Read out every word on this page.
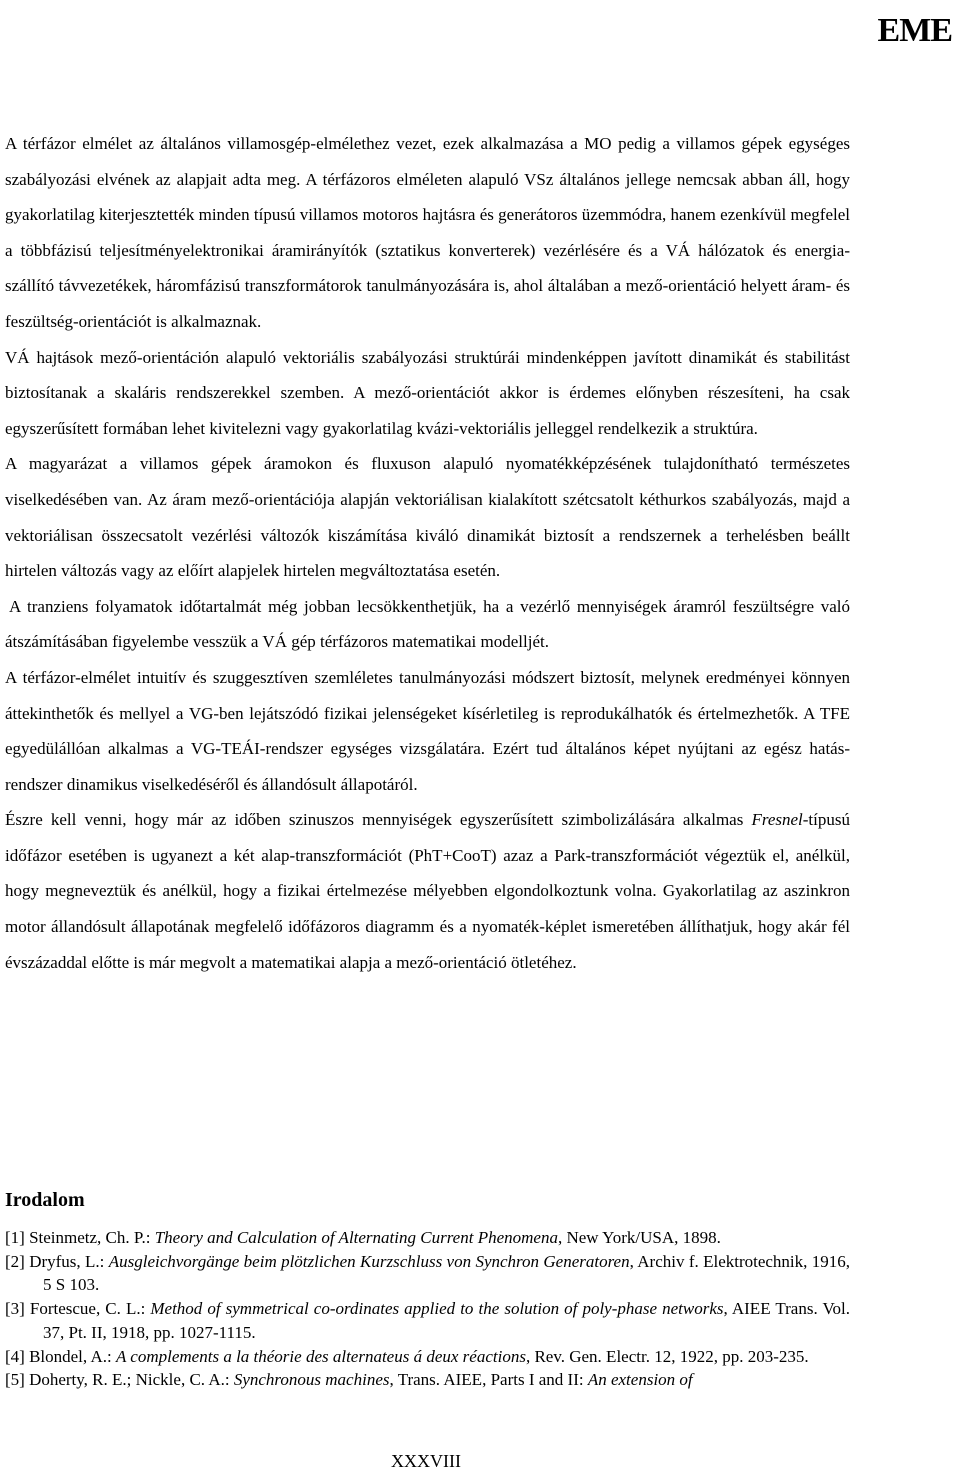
EME

A térfázor elmélet az általános villamosgép-elmélethez vezet, ezek alkalmazása a MO pedig a villamos gépek egységes szabályozási elvének az alapjait adta meg. A térfázoros elméleten alapuló VSz általános jellege nemcsak abban áll, hogy gyakorlatilag kiterjesztették minden típusú villamos motoros hajtásra és generátoros üzemmódra, hanem ezenkívül megfelel a többfázisú teljesítményelektronikai áramirányítók (sztatikus konverterek) vezérlésére és a VÁ hálózatok és energia-szállító távvezetékek, háromfázisú transzformátorok tanulmányozására is, ahol általában a mező-orientáció helyett áram- és feszültség-orientációt is alkalmaznak.

VÁ hajtások mező-orientáción alapuló vektoriális szabályozási struktúrái mindenképpen javított dinamikát és stabilitást biztosítanak a skaláris rendszerekkel szemben. A mező-orientációt akkor is érdemes előnyben részesíteni, ha csak egyszerűsített formában lehet kivitelezni vagy gyakorlatilag kvázi-vektoriális jelleggel rendelkezik a struktúra.

A magyarázat a villamos gépek áramokon és fluxuson alapuló nyomatékképzésének tulajdonítható természetes viselkedésében van. Az áram mező-orientációja alapján vektoriálisan kialakított szétcsatolt kéthurkos szabályozás, majd a vektoriálisan összecsatolt vezérlési változók kiszámítása kiváló dinamikát biztosít a rendszernek a terhelésben beállt hirtelen változás vagy az előírt alapjelek hirtelen megváltoztatása esetén.

A tranziens folyamatok időtartalmát még jobban lecsökkenthetjük, ha a vezérlő mennyiségek áramról feszültségre való átszámításában figyelembe vesszük a VÁ gép térfázoros matematikai modelljét.

A térfázor-elmélet intuitív és szuggesztíven szemléletes tanulmányozási módszert biztosít, melynek eredményei könnyen áttekinthetők és mellyel a VG-ben lejátszódó fizikai jelenségeket kísérletileg is reprodukálhatók és értelmezhetők. A TFE egyedülállóan alkalmas a VG-TEÁI-rendszer egységes vizsgálatára. Ezért tud általános képet nyújtani az egész hatás-rendszer dinamikus viselkedéséről és állandósult állapotáról.

Észre kell venni, hogy már az időben szinuszos mennyiségek egyszerűsített szimbolizálására alkalmas Fresnel-típusú időfázor esetében is ugyanezt a két alap-transzformációt (PhT+CooT) azaz a Park-transzformációt végeztük el, anélkül, hogy megneveztük és anélkül, hogy a fizikai értelmezése mélyebben elgondolkoztunk volna. Gyakorlatilag az aszinkron motor állandósult állapotának megfelelő időfázoros diagramm és a nyomaték-képlet ismeretében állíthatjuk, hogy akár fél évszázaddal előtte is már megvolt a matematikai alapja a mező-orientáció ötletéhez.

Irodalom
[1] Steinmetz, Ch. P.: Theory and Calculation of Alternating Current Phenomena, New York/USA, 1898.
[2] Dryfus, L.: Ausgleichvorgänge beim plötzlichen Kurzschluss von Synchron Generatoren, Archiv f. Elektrotechnik, 1916, 5 S 103.
[3] Fortescue, C. L.: Method of symmetrical co-ordinates applied to the solution of poly-phase networks, AIEE Trans. Vol. 37, Pt. II, 1918, pp. 1027-1115.
[4] Blondel, A.: A complements a la théorie des alternateus á deux réactions, Rev. Gen. Electr. 12, 1922, pp. 203-235.
[5] Doherty, R. E.; Nickle, C. A.: Synchronous machines, Trans. AIEE, Parts I and II: An extension of
XXXVIII
